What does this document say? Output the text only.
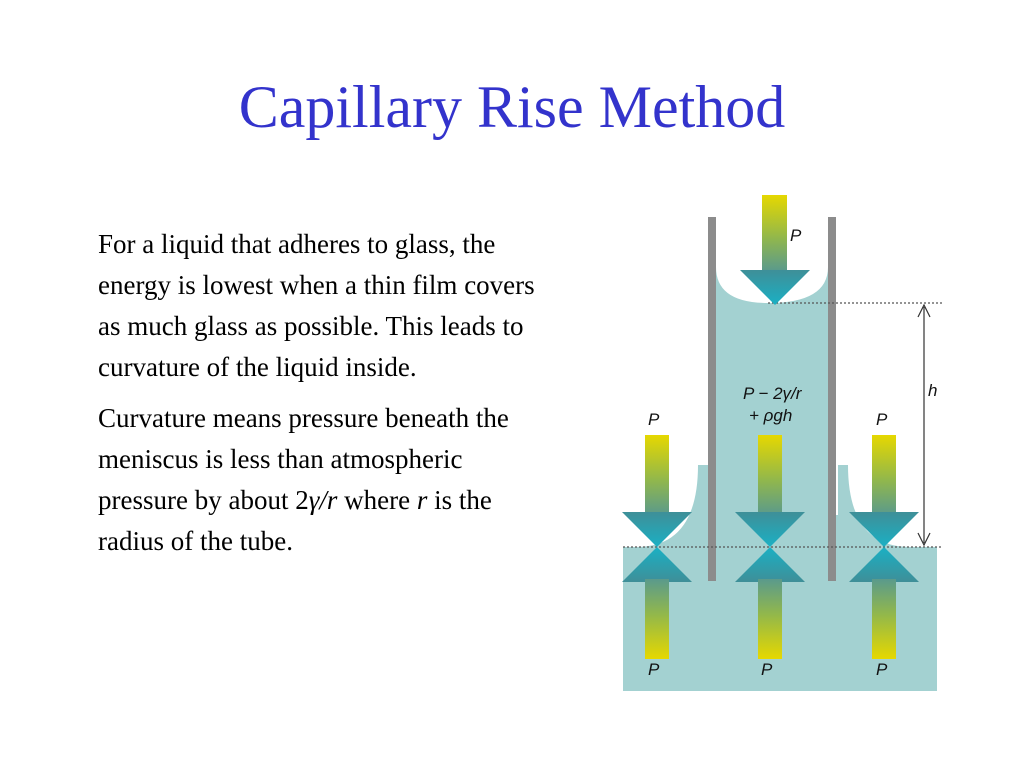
Capillary Rise Method

For a liquid that adheres to glass, the energy is lowest when a thin film covers as much glass as possible. This leads to curvature of the liquid inside.

Curvature means pressure beneath the meniscus is less than atmospheric pressure by about 2γ/r where r is the radius of the tube.

h
P
P − 2γ/r
+ ρgh
P	P
P	P	P
